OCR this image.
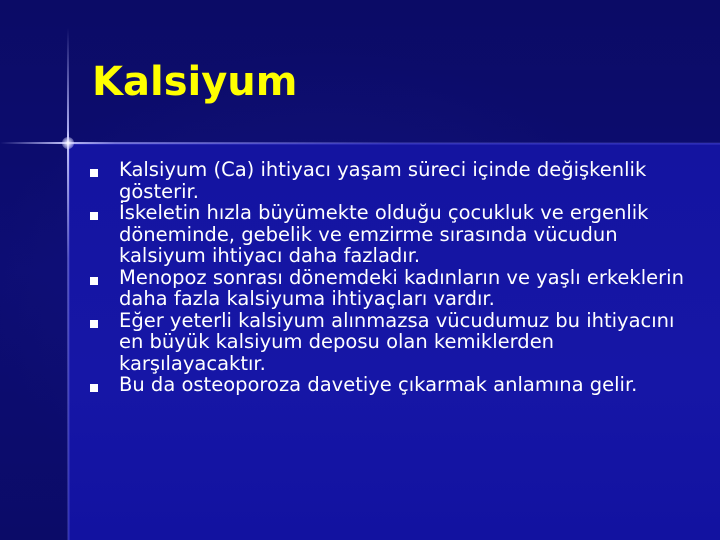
Kalsiyum
Kalsiyum (Ca) ihtiyacı yaşam süreci içinde değişkenlik gösterir.
İskeletin hızla büyümekte olduğu çocukluk ve ergenlik döneminde, gebelik ve emzirme sırasında vücudun kalsiyum ihtiyacı daha fazladır.
Menopoz sonrası dönemdeki kadınların ve yaşlı erkeklerin daha fazla kalsiyuma ihtiyaçları vardır.
Eğer yeterli kalsiyum alınmazsa vücudumuz bu ihtiyacını en büyük kalsiyum deposu olan kemiklerden karşılayacaktır.
Bu da osteoporoza davetiye çıkarmak anlamına gelir.
